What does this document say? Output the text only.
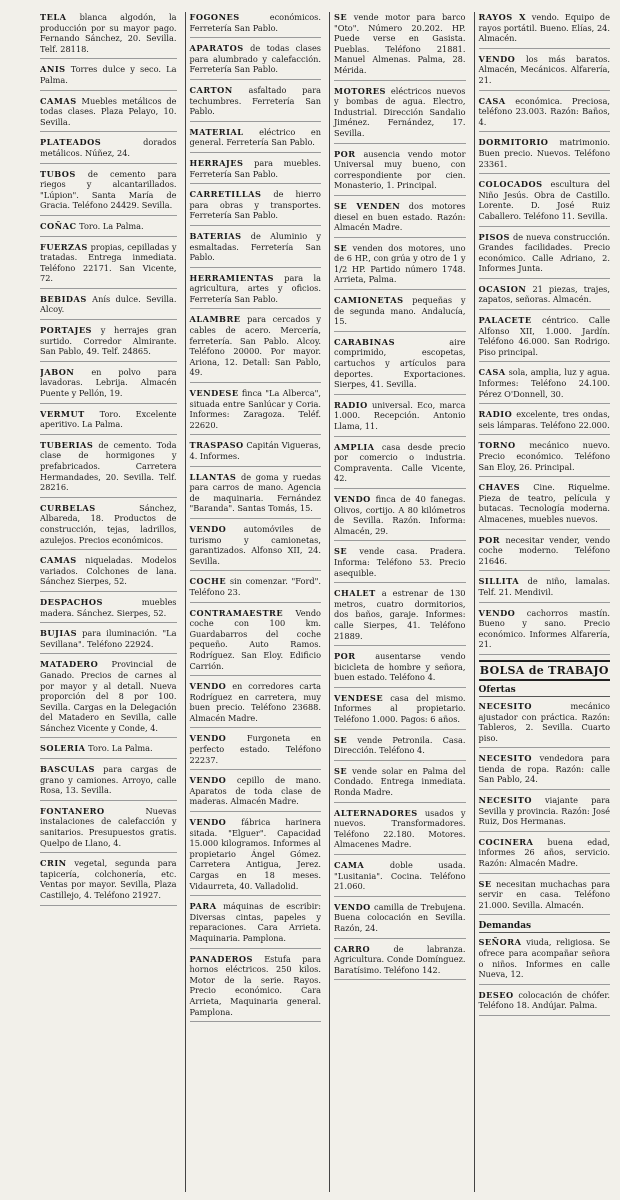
TELA blanca algodón, la producción por su mayor pago. Fernando Sánchez, 20. Sevilla. Telf. 28118.

ANIS Torres dulce y seco. La Palma.

CAMAS Muebles metálicos de todas clases. Plaza Pelayo, 10. Sevilla.

PLATEADOS dorados metálicos. Núñez, 24.

TUBOS de cemento para riegos y alcantarillados. "Lúpion". Santa María de Gracia. Teléfono 24429. Sevilla.

COÑAC Toro. La Palma.

FUERZAS propias, cepilladas y tratadas. Entrega inmediata. Teléfono 22171. San Vicente, 72.

BEBIDAS Anís dulce. Sevilla. Alcoy.

PORTAJES y herrajes gran surtido. Corredor Almirante. San Pablo, 49. Telf. 24865.

JABON en polvo para lavadoras. Lebrija. Almacén Puente y Pellón, 19.

VERMUT Toro. Excelente aperitivo. La Palma.

TUBERIAS de cemento. Toda clase de hormigones y prefabricados. Carretera Hermandades, 20. Sevilla. Telf. 28216.

CURBELAS Sánchez, Albareda, 18. Productos de construcción, tejas, ladrillos, azulejos. Precios económicos.

CAMAS niqueladas. Modelos variados. Colchones de lana. Sánchez Sierpes, 52.

DESPACHOS muebles madera. Sánchez. Sierpes, 52.

BUJIAS para iluminación. "La Sevillana". Teléfono 22924.

MATADERO Provincial de Ganado. Precios de carnes al por mayor y al detall. Nueva proporción del 8 por 100. Sevilla. Cargas en la Delegación del Matadero en Sevilla, calle Sánchez Vicente y Conde, 4.

SOLERIA Toro. La Palma.

BASCULAS para cargas de grano y camiones. Arroyo, calle Rosa, 13. Sevilla.

FONTANERO Nuevas instalaciones de calefacción y sanitarios. Presupuestos gratis. Quelpo de Llano, 4.

CRIN vegetal, segunda para tapicería, colchonería, etc. Ventas por mayor. Sevilla, Plaza Castillejo, 4. Teléfono 21927.

FOGONES económicos. Ferretería San Pablo.

APARATOS de todas clases para alumbrado y calefacción. Ferretería San Pablo.

CARTON asfaltado para techumbres. Ferretería San Pablo.

MATERIAL eléctrico en general. Ferretería San Pablo.

HERRAJES para muebles. Ferretería San Pablo.

CARRETILLAS de hierro para obras y transportes. Ferretería San Pablo.

BATERIAS de Aluminio y esmaltadas. Ferretería San Pablo.

HERRAMIENTAS para la agricultura, artes y oficios. Ferretería San Pablo.

ALAMBRE para cercados y cables de acero. Mercería, ferretería. San Pablo. Alcoy. Teléfono 20000. Por mayor. Ariona, 12. Detall: San Pablo, 49.

VENDESE finca "La Alberca", situada entre Sanlúcar y Coria. Informes: Zaragoza. Teléf. 22620.

TRASPASO Capitán Vigueras, 4. Informes.

LLANTAS de goma y ruedas para carros de mano. Agencia de maquinaria. Fernández "Baranda". Santas Tomás, 15.

VENDO automóviles de turismo y camionetas, garantizados. Alfonso XII, 24. Sevilla.

COCHE sin comenzar. "Ford". Teléfono 23.

CONTRAMAESTRE Vendo coche con 100 km. Guardabarros del coche pequeño. Auto Ramos. Rodríguez. San Eloy. Edificio Carrión.

VENDO en corredores carta Rodríguez en carretera, muy buen precio. Teléfono 23688. Almacén Madre.

VENDO Furgoneta en perfecto estado. Teléfono 22237.

VENDO cepillo de mano. Aparatos de toda clase de maderas. Almacén Madre.

VENDO fábrica harinera sitada. "Elguer". Capacidad 15.000 kilogramos. Informes al propietario Ángel Gómez. Carretera Antigua, Jerez. Cargas en 18 meses. Vidaurreta, 40. Valladolid.

PARA máquinas de escribir: Diversas cintas, papeles y reparaciones. Cara Arrieta. Maquinaria. Pamplona.

PANADEROS Estufa para hornos eléctricos. 250 kilos. Motor de la serie. Rayos. Precio económico. Cara Arrieta, Maquinaria general. Pamplona.

SE vende motor para barco "Oto". Número 20.202. HP. Puede verse en Gasista. Pueblas. Teléfono 21881. Manuel Almenas. Palma, 28. Mérida.

MOTORES eléctricos nuevos y bombas de agua. Electro, Industrial. Dirección Sandalio Jiménez. Fernández, 17. Sevilla.

POR ausencia vendo motor Universal muy bueno, con correspondiente por cien. Monasterio, 1. Principal.

SE VENDEN dos motores diesel en buen estado. Razón: Almacén Madre.

SE venden dos motores, uno de 6 HP., con grúa y otro de 1 y 1/2 HP. Partido número 1748. Arrieta, Palma.

CAMIONETAS pequeñas y de segunda mano. Andalucía, 15.

CARABINAS aire comprimido, escopetas, cartuchos y artículos para deportes. Exportaciones. Sierpes, 41. Sevilla.

RADIO universal. Eco, marca 1.000. Recepción. Antonio Llama, 11.

AMPLIA casa desde precio por comercio o industria. Compraventa. Calle Vicente, 42.

VENDO finca de 40 fanegas. Olivos, cortijo. A 80 kilómetros de Sevilla. Razón. Informa: Almacén, 29.

SE vende casa. Pradera. Informa: Teléfono 53. Precio asequible.

CHALET a estrenar de 130 metros, cuatro dormitorios, dos baños, garaje. Informes: calle Sierpes, 41. Teléfono 21889.

POR ausentarse vendo bicicleta de hombre y señora, buen estado. Teléfono 4.

VENDESE casa del mismo. Informes al propietario. Teléfono 1.000. Pagos: 6 años.

SE vende Petronila. Casa. Dirección. Teléfono 4.

SE vende solar en Palma del Condado. Entrega inmediata. Ronda Madre.

ALTERNADORES usados y nuevos. Transformadores. Teléfono 22.180. Motores. Almacenes Madre.

CAMA doble usada. "Lusitania". Cocina. Teléfono 21.060.

VENDO camilla de Trebujena. Buena colocación en Sevilla. Razón, 24.

CARRO de labranza. Agricultura. Conde Domínguez. Baratísimo. Teléfono 142.

RAYOS X vendo. Equipo de rayos portátil. Bueno. Elías, 24. Almacén.

VENDO los más baratos. Almacén, Mecánicos. Alfarería, 21.

CASA económica. Preciosa, teléfono 23.003. Razón: Baños, 4.

DORMITORIO matrimonio. Buen precio. Nuevos. Teléfono 23361.

COLOCADOS escultura del Niño Jesús. Obra de Castillo. Lorente. D. José Ruiz Caballero. Teléfono 11. Sevilla.

PISOS de nueva construcción. Grandes facilidades. Precio económico. Calle Adriano, 2. Informes Junta.

OCASION 21 piezas, trajes, zapatos, señoras. Almacén.

PALACETE céntrico. Calle Alfonso XII, 1.000. Jardín. Teléfono 46.000. San Rodrigo. Piso principal.

CASA sola, amplia, luz y agua. Informes: Teléfono 24.100. Pérez O'Donnell, 30.

RADIO excelente, tres ondas, seis lámparas. Teléfono 22.000.

TORNO mecánico nuevo. Precio económico. Teléfono San Eloy, 26. Principal.

CHAVES Cine. Riquelme. Pieza de teatro, película y butacas. Tecnología moderna. Almacenes, muebles nuevos.

POR necesitar vender, vendo coche moderno. Teléfono 21646.

SILLITA de niño, lamalas. Telf. 21. Mendivil.

VENDO cachorros mastín. Bueno y sano. Precio económico. Informes Alfarería, 21.

BOLSA de TRABAJO
Ofertas

NECESITO mecánico ajustador con práctica. Razón: Tableros, 2. Sevilla. Cuarto piso.

NECESITO vendedora para tienda de ropa. Razón: calle San Pablo, 24.

NECESITO viajante para Sevilla y provincia. Razón: José Ruiz, Dos Hermanas.

COCINERA buena edad, informes 26 años, servicio. Razón: Almacén Madre.

SE necesitan muchachas para servir en casa. Teléfono 21.000. Sevilla. Almacén.

Demandas

SEÑORA viuda, religiosa. Se ofrece para acompañar señora o niños. Informes en calle Nueva, 12.

DESEO colocación de chófer. Teléfono 18. Andújar. Palma.
